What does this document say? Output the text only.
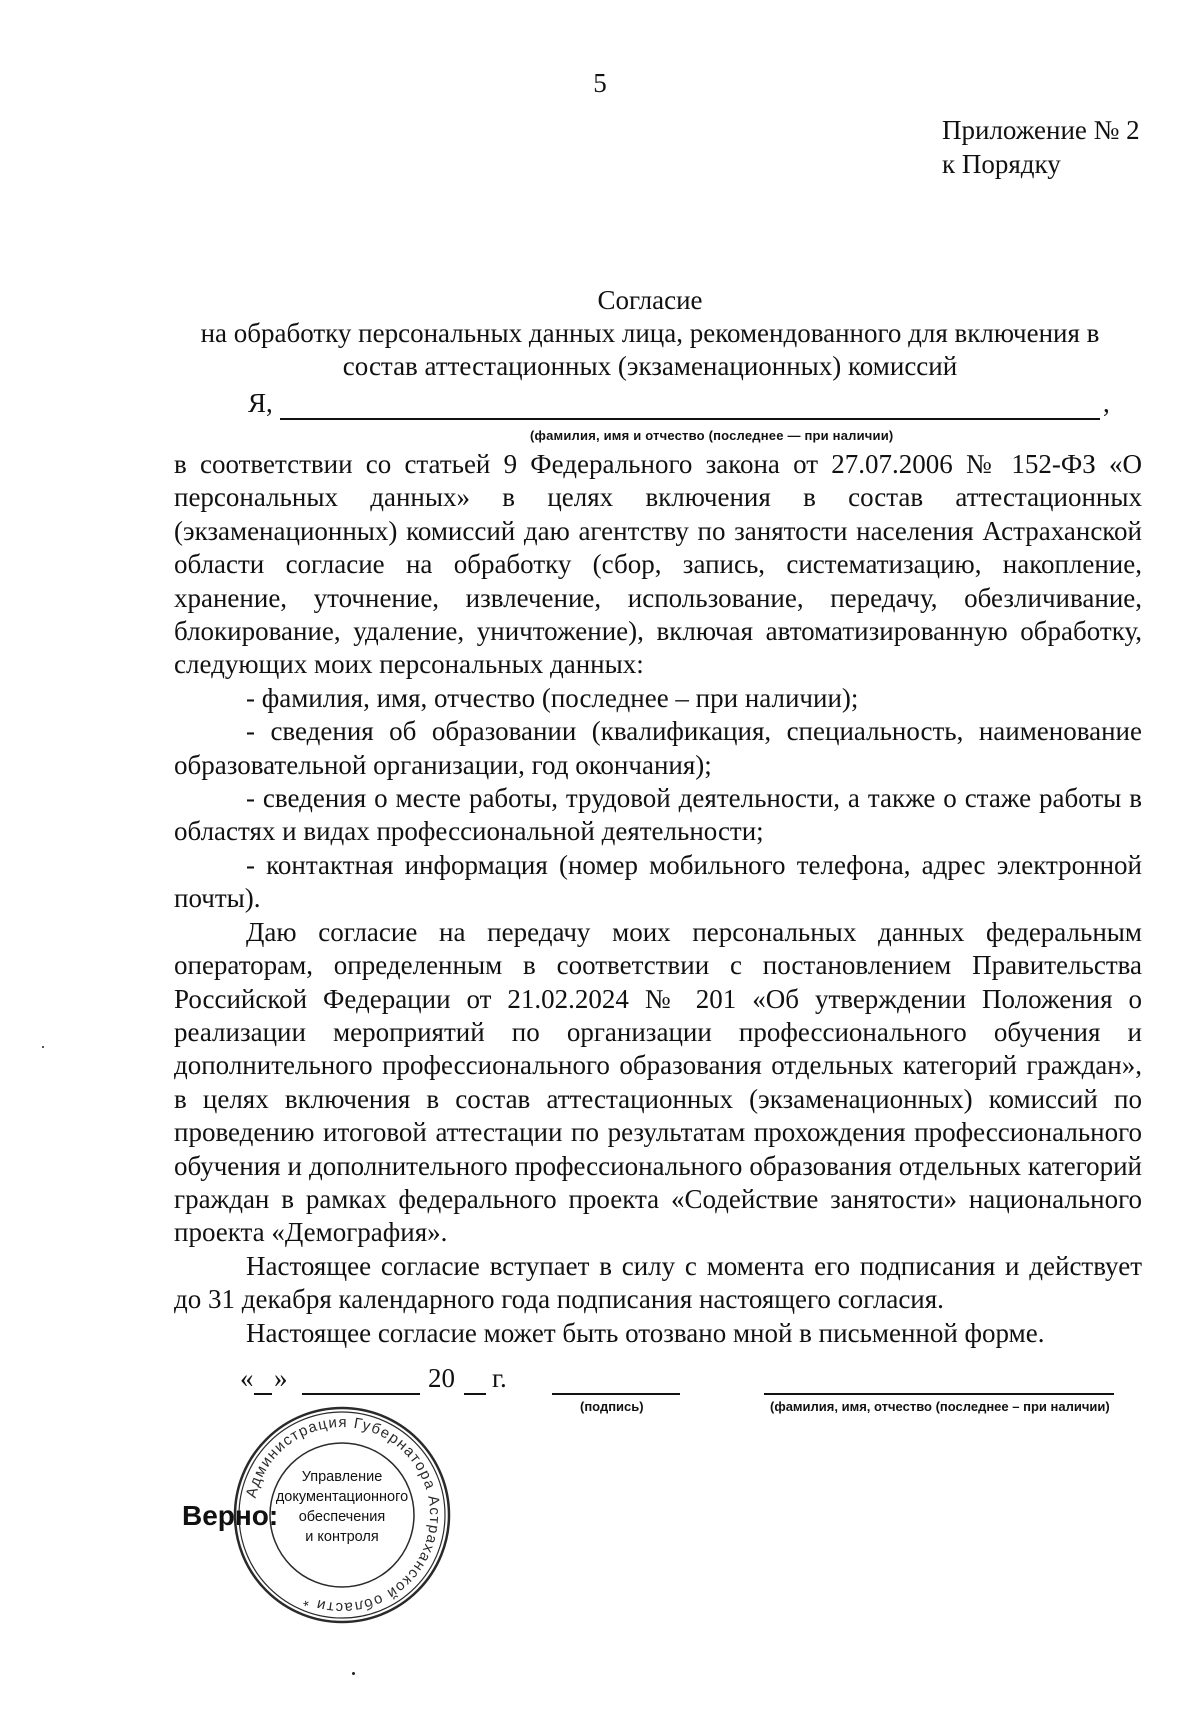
5
Приложение № 2
к Порядку
Согласие
на обработку персональных данных лица, рекомендованного для включения в
состав аттестационных (экзаменационных) комиссий
Я,	,
(фамилия, имя и отчество (последнее — при наличии)

в соответствии со статьей 9 Федерального закона от 27.07.2006 № 152-ФЗ «О персональных данных» в целях включения в состав аттестационных (экзаменационных) комиссий даю агентству по занятости населения Астраханской области согласие на обработку (сбор, запись, систематизацию, накопление, хранение, уточнение, извлечение, использование, передачу, обезличивание, блокирование, удаление, уничтожение), включая автоматизированную обработку, следующих моих персональных данных:

- фамилия, имя, отчество (последнее – при наличии);

- сведения об образовании (квалификация, специальность, наименование образовательной организации, год окончания);

- сведения о месте работы, трудовой деятельности, а также о стаже работы в областях и видах профессиональной деятельности;

- контактная информация (номер мобильного телефона, адрес электронной почты).

Даю согласие на передачу моих персональных данных федеральным операторам, определенным в соответствии с постановлением Правительства Российской Федерации от 21.02.2024 № 201 «Об утверждении Положения о реализации мероприятий по организации профессионального обучения и дополнительного профессионального образования отдельных категорий граждан», в целях включения в состав аттестационных (экзаменационных) комиссий по проведению итоговой аттестации по результатам прохождения профессионального обучения и дополнительного профессионального образования отдельных категорий граждан в рамках федерального проекта «Содействие занятости» национального проекта «Демография».

Настоящее согласие вступает в силу с момента его подписания и действует до 31 декабря календарного года подписания настоящего согласия.

Настоящее согласие может быть отозвано мной в письменной форме.

« »	20 г.
(подпись)	(фамилия, имя, отчество (последнее – при наличии)
Верно:
Администрация Губернатора Астраханской области *
Управление
документационного
обеспечения
и контроля
